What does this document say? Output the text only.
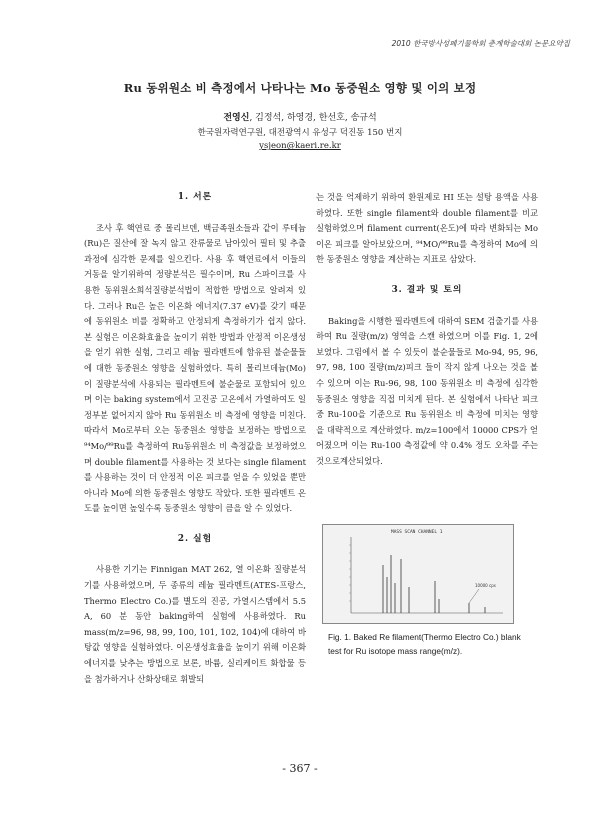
2010 한국방사성폐기물학회 춘계학술대회 논문요약집
Ru 동위원소 비 측정에서 나타나는 Mo 동중원소 영향 및 이의 보정
전영신, 김정석, 하영경, 한선호, 송규석
한국원자력연구원, 대전광역시 유성구 덕진동 150 번지
ysjeon@kaeri.re.kr

1. 서론

조사 후 핵연료 중 몰리브덴, 백금족원소들과 같이 루테늄(Ru)은 질산에 잘 녹지 않고 잔류물로 남아있어 필터 및 추출과정에 심각한 문제를 일으킨다. 사용 후 핵연료에서 이들의 거동을 알기위하여 정량분석은 필수이며, Ru 스파이크를 사용한 동위원소희석질량분석법이 적합한 방법으로 알려져 있다. 그러나 Ru은 높은 이온화 에너지(7.37 eV)를 갖기 때문에 동위원소 비를 정확하고 안정되게 측정하기가 쉽지 않다. 본 실험은 이온화효율을 높이기 위한 방법과 안정적 이온생성을 얻기 위한 실험, 그리고 레늄 필라멘트에 함유된 불순물들에 대한 동중원소 영향을 실험하였다. 특히 몰리브데늄(Mo)이 질량분석에 사용되는 필라멘트에 불순물로 포함되어 있으며 이는 baking system에서 고진공 고온에서 가열하여도 일정부분 없어지지 않아 Ru 동위원소 비 측정에 영향을 미친다. 따라서 Mo로부터 오는 동중원소 영향을 보정하는 방법으로 ⁹⁴Mo/⁹⁹Ru를 측정하여 Ru동위원소 비 측정값을 보정하였으며 double filament를 사용하는 것 보다는 single filament를 사용하는 것이 더 안정적 이온 피크를 얻을 수 있었을 뿐만 아니라 Mo에 의한 동중원소 영향도 작았다. 또한 필라멘트 온도를 높이면 높일수록 동중원소 영향이 큼을 알 수 있었다.

2. 실험

사용한 기기는 Finnigan MAT 262, 열 이온화 질량분석기를 사용하였으며, 두 종류의 레늄 필라멘트(ATES-프랑스, Thermo Electro Co.)를 별도의 진공, 가열시스템에서 5.5 A, 60 분 동안 baking하여 실험에 사용하였다. Ru mass(m/z=96, 98, 99, 100, 101, 102, 104)에 대하여 바탕값 영향을 실험하였다. 이온생성효율을 높이기 위해 이온화 에너지를 낮추는 방법으로 보론, 바륨, 실리케이트 화합물 등을 첨가하거나 산화상태로 휘발되

는 것을 억제하기 위하여 환원제로 HI 또는 설탕 용액을 사용하였다. 또한 single filament와 double filament를 비교 실험하였으며 filament current(온도)에 따라 변화되는 Mo 이온 피크를 알아보았으며, ⁹⁴MO/⁹⁹Ru를 측정하여 Mo에 의한 동중원소 영향을 계산하는 지표로 삼았다.

3. 결과 및 토의

Baking을 시행한 필라멘트에 대하여 SEM 검출기를 사용하여 Ru 질량(m/z) 영역을 스캔 하였으며 이를 Fig. 1, 2에 보였다. 그림에서 볼 수 있듯이 불순물들로 Mo-94, 95, 96, 97, 98, 100 질량(m/z)피크 들이 작지 않게 나오는 것을 볼 수 있으며 이는 Ru-96, 98, 100 동위원소 비 측정에 심각한 동중원소 영향을 직접 미치게 된다. 본 실험에서 나타난 피크 중 Ru-100을 기준으로 Ru 동위원소 비 측정에 미치는 영향을 대략적으로 계산하였다. m/z=100에서 10000 CPS가 얻어졌으며 이는 Ru-100 측정값에 약 0.4% 정도 오차를 주는 것으로계산되었다.

MASS SCAN CHANNEL 1
10000 cps
Fig. 1. Baked Re filament(Thermo Electro Co.) blank test for Ru isotope mass range(m/z).
- 367 -
